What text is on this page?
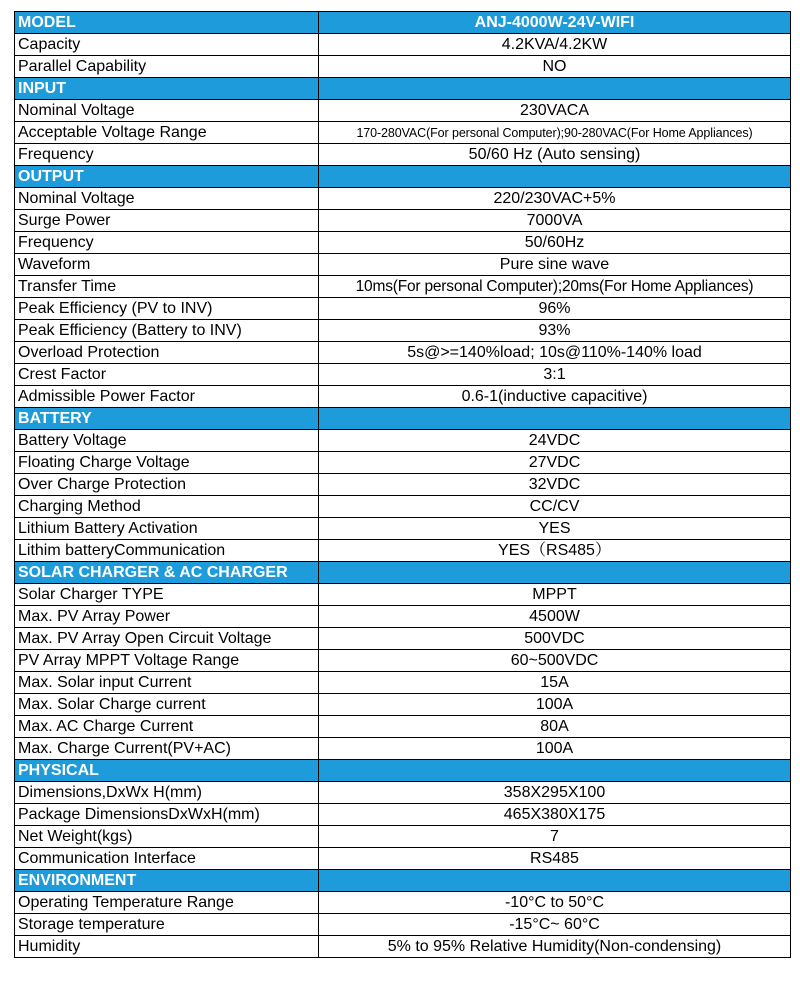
MODEL	ANJ-4000W-24V-WIFI
Capacity	4.2KVA/4.2KW
Parallel Capability	NO
INPUT	
Nominal Voltage	230VACA
Acceptable Voltage Range	170-280VAC(For personal Computer);90-280VAC(For Home Appliances)
Frequency	50/60 Hz (Auto sensing)
OUTPUT	
Nominal Voltage	220/230VAC+5%
Surge Power	7000VA
Frequency	50/60Hz
Waveform	Pure sine wave
Transfer Time	10ms(For personal Computer);20ms(For Home Appliances)
Peak Efficiency (PV to INV)	96%
Peak Efficiency (Battery to INV)	93%
Overload Protection	5s@>=140%load; 10s@110%-140% load
Crest Factor	3:1
Admissible Power Factor	0.6-1(inductive capacitive)
BATTERY	
Battery Voltage	24VDC
Floating Charge Voltage	27VDC
Over Charge Protection	32VDC
Charging Method	CC/CV
Lithium Battery Activation	YES
Lithim batteryCommunication	YES（RS485）
SOLAR CHARGER & AC CHARGER	
Solar Charger TYPE	MPPT
Max. PV Array Power	4500W
Max. PV Array Open Circuit Voltage	500VDC
PV Array MPPT Voltage Range	60~500VDC
Max. Solar input Current	15A
Max. Solar Charge current	100A
Max. AC Charge Current	80A
Max. Charge Current(PV+AC)	100A
PHYSICAL	
Dimensions,DxWx H(mm)	358X295X100
Package DimensionsDxWxH(mm)	465X380X175
Net Weight(kgs)	7
Communication Interface	RS485
ENVIRONMENT	
Operating Temperature Range	-10°C to 50°C
Storage temperature	-15°C~ 60°C
Humidity	5% to 95% Relative Humidity(Non-condensing)
